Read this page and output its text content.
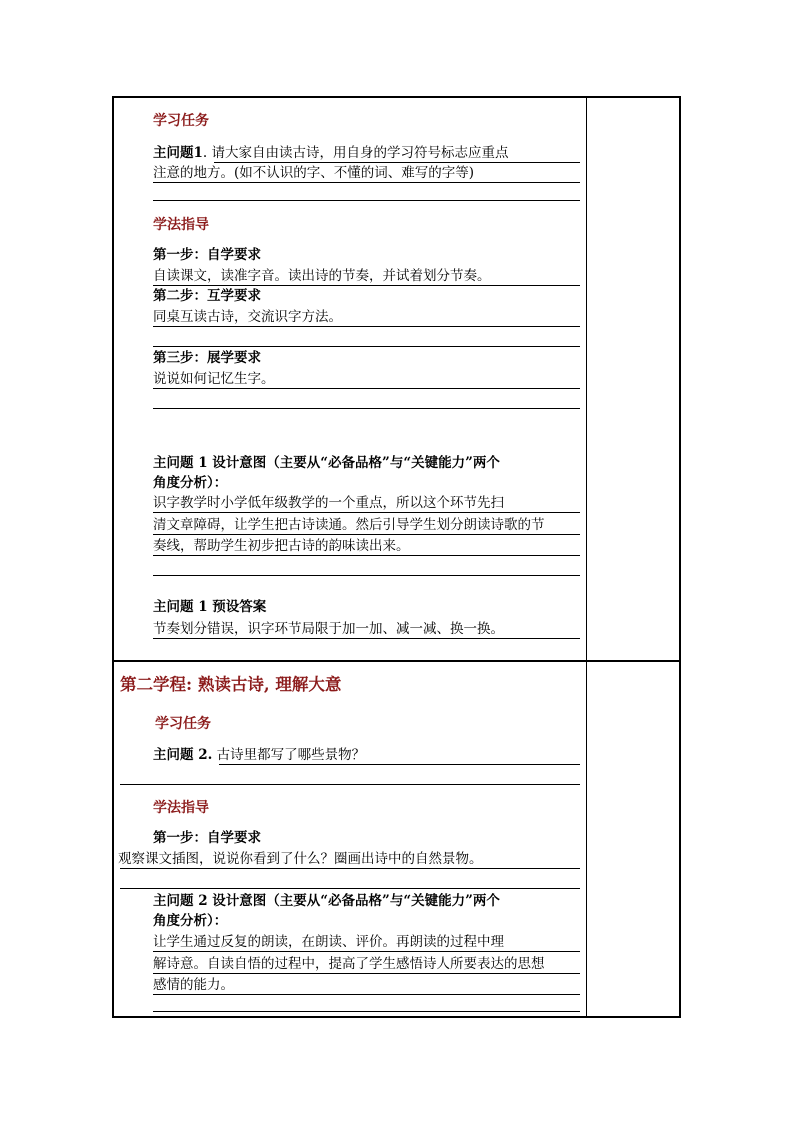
学习任务
主问题1. 请大家自由读古诗，用自身的学习符号标志应重点
注意的地方。(如不认识的字、不懂的词、难写的字等)
学法指导
第一步：自学要求
自读课文，读准字音。读出诗的节奏，并试着划分节奏。
第二步：互学要求
同桌互读古诗，交流识字方法。
第三步：展学要求
说说如何记忆生字。
主问题 1 设计意图（主要从“必备品格”与“关键能力”两个
角度分析）：
识字教学时小学低年级教学的一个重点，所以这个环节先扫
清文章障碍，让学生把古诗读通。然后引导学生划分朗读诗歌的节
奏线，帮助学生初步把古诗的韵味读出来。
主问题 1 预设答案
节奏划分错误，识字环节局限于加一加、减一减、换一换。
第二学程: 熟读古诗, 理解大意
学习任务
主问题 2. 古诗里都写了哪些景物？
学法指导
第一步：自学要求
观察课文插图，说说你看到了什么？圈画出诗中的自然景物。
主问题 2 设计意图（主要从“必备品格”与“关键能力”两个
角度分析）：
让学生通过反复的朗读，在朗读、评价。再朗读的过程中理
解诗意。自读自悟的过程中，提高了学生感悟诗人所要表达的思想
感情的能力。
